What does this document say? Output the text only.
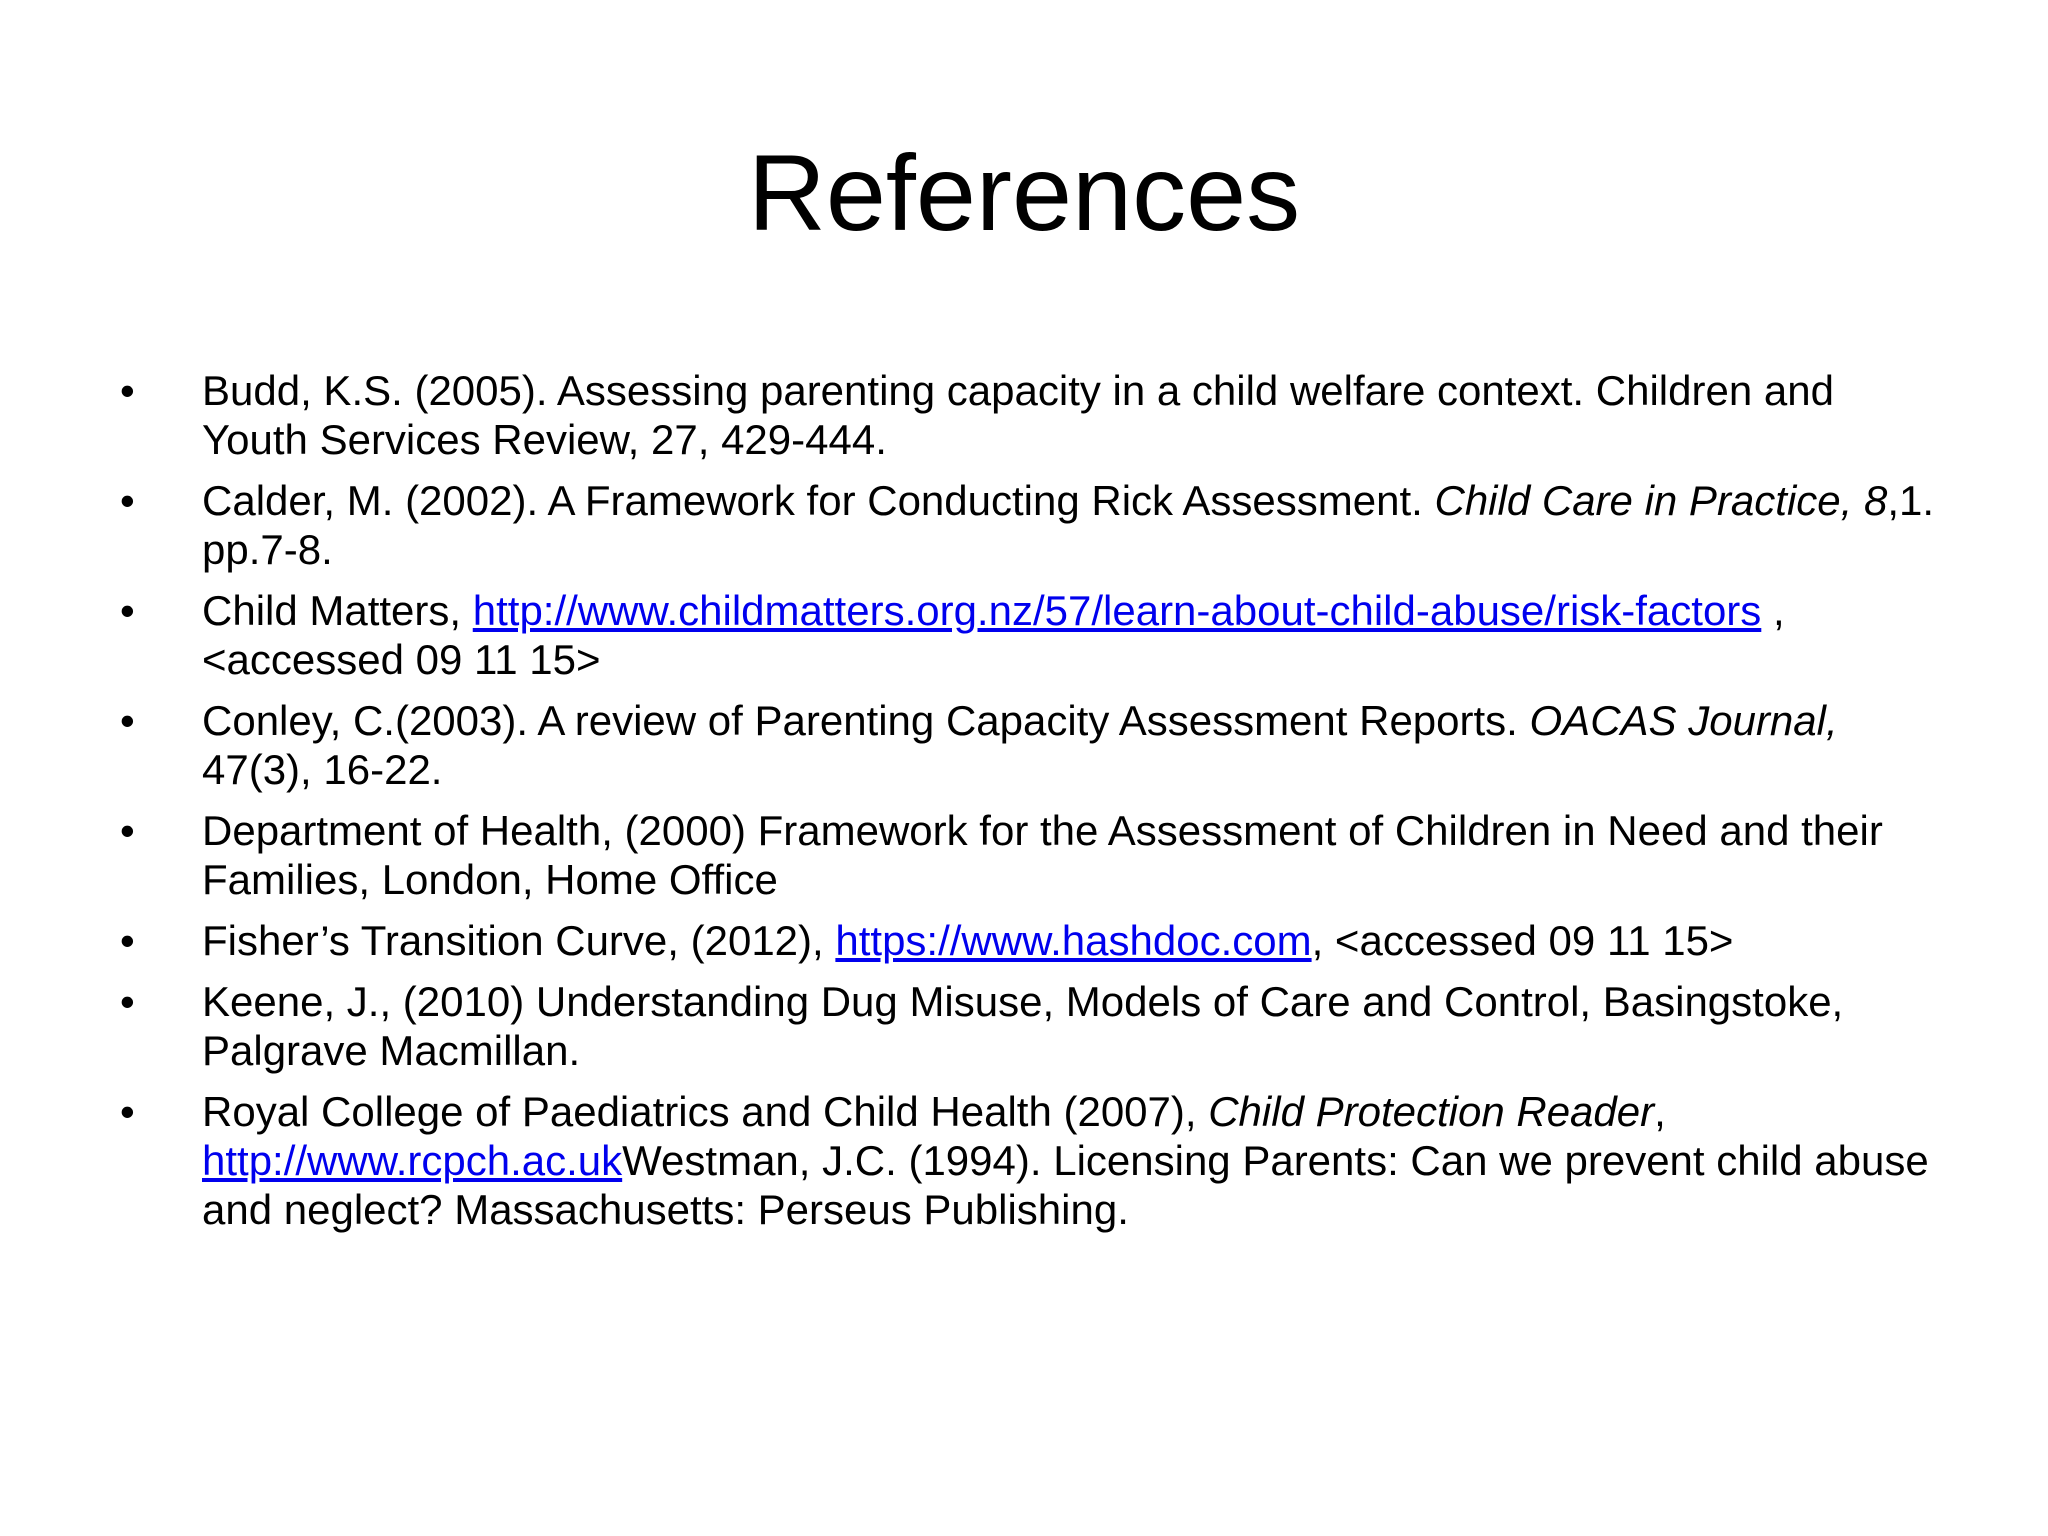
References
•	Budd, K.S. (2005). Assessing parenting capacity in a child welfare context. Children and Youth Services Review, 27, 429-444.
•	Calder, M. (2002). A Framework for Conducting Rick Assessment. Child Care in Practice, 8,1. pp.7-8.
•	Child Matters, http://www.childmatters.org.nz/57/learn-about-child-abuse/risk-factors , <accessed 09 11 15>
•	Conley, C.(2003). A review of Parenting Capacity Assessment Reports. OACAS Journal, 47(3), 16-22.
•	Department of Health, (2000) Framework for the Assessment of Children in Need and their Families, London, Home Office
•	Fisher’s Transition Curve, (2012), https://www.hashdoc.com, <accessed 09 11 15>
•	Keene, J., (2010) Understanding Dug Misuse, Models of Care and Control, Basingstoke, Palgrave Macmillan.
•	Royal College of Paediatrics and Child Health (2007), Child Protection Reader, http://www.rcpch.ac.ukWestman, J.C. (1994). Licensing Parents: Can we prevent child abuse and neglect? Massachusetts: Perseus Publishing.
